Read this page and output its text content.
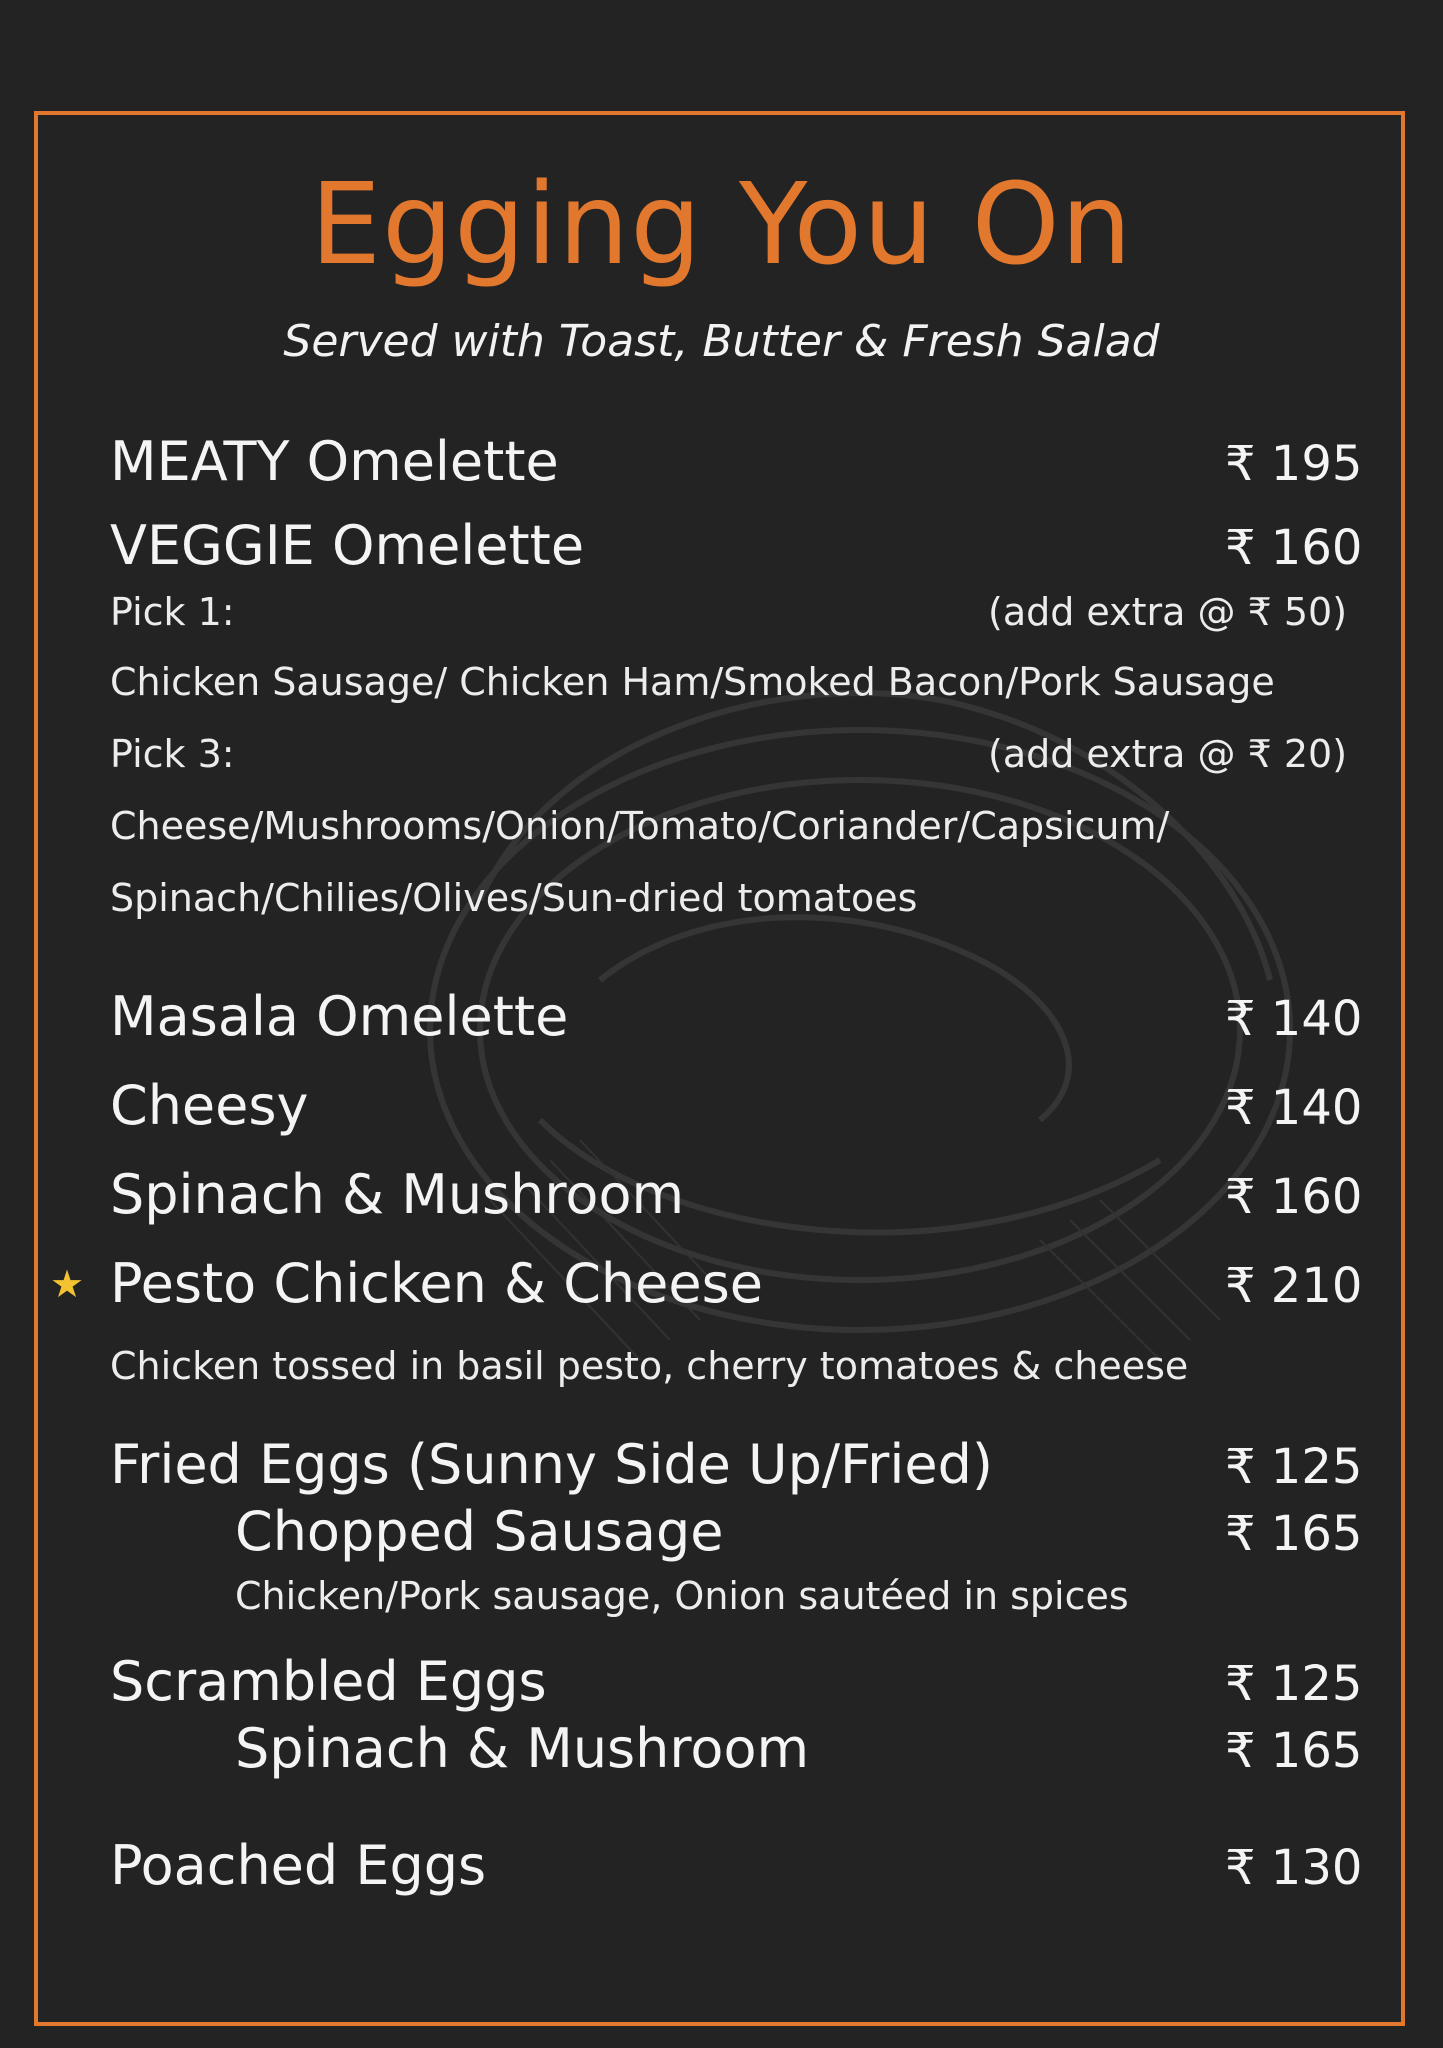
Egging You On
Served with Toast, Butter & Fresh Salad
MEATY Omelette	₹ 195
VEGGIE Omelette	₹ 160
Pick 1:	(add extra @ ₹ 50)
Chicken Sausage/ Chicken Ham/Smoked Bacon/Pork Sausage
Pick 3:	(add extra @ ₹ 20)
Cheese/Mushrooms/Onion/Tomato/Coriander/Capsicum/
Spinach/Chilies/Olives/Sun-dried tomatoes
Masala Omelette	₹ 140
Cheesy	₹ 140
Spinach & Mushroom	₹ 160
★ Pesto Chicken & Cheese	₹ 210
Chicken tossed in basil pesto, cherry tomatoes & cheese
Fried Eggs (Sunny Side Up/Fried)	₹ 125
Chopped Sausage	₹ 165
Chicken/Pork sausage, Onion sautéed in spices
Scrambled Eggs	₹ 125
Spinach & Mushroom	₹ 165
Poached Eggs	₹ 130
